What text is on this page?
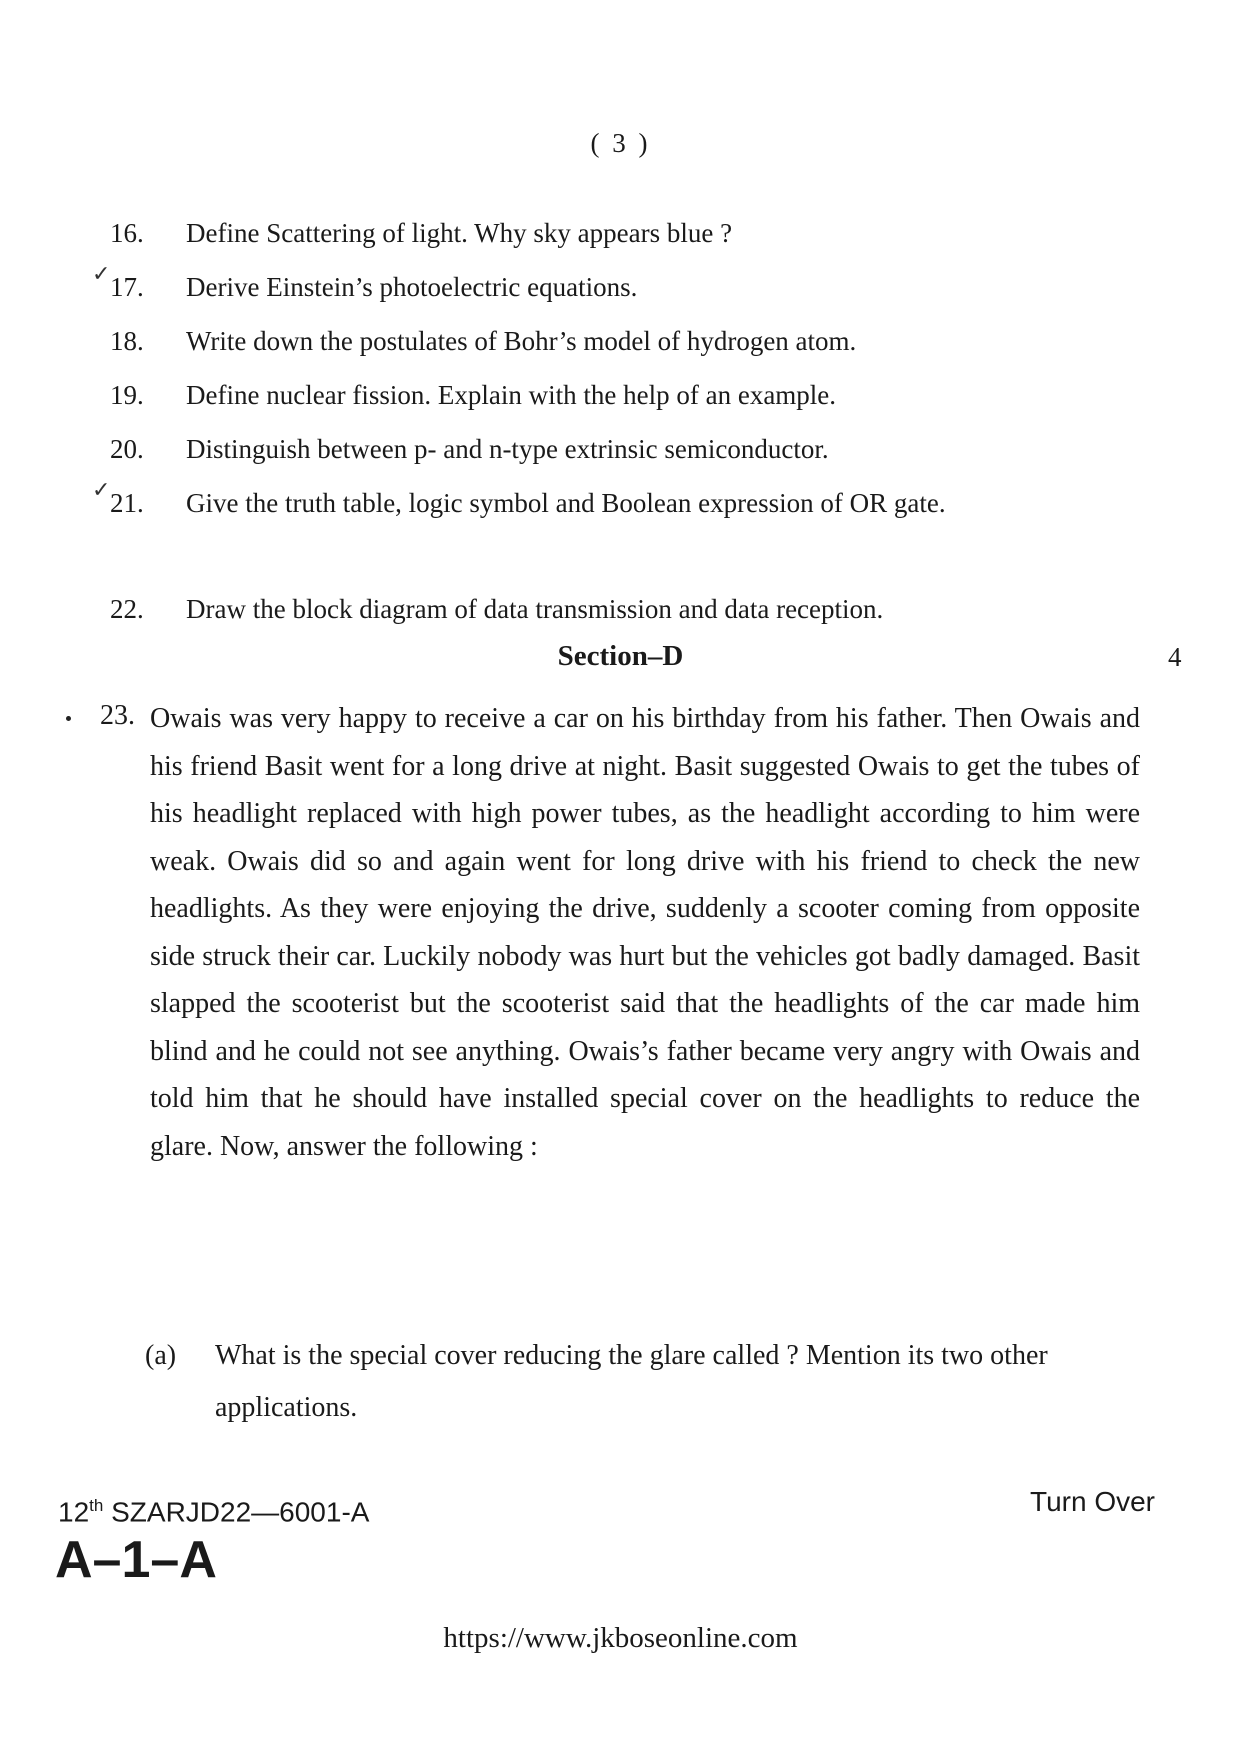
( 3 )
16.	Define Scattering of light. Why sky appears blue ?
17.	Derive Einstein’s photoelectric equations.
18.	Write down the postulates of Bohr’s model of hydrogen atom.
19.	Define nuclear fission. Explain with the help of an example.
20.	Distinguish between p- and n-type extrinsic semiconductor.
21.	Give the truth table, logic symbol and Boolean expression of OR gate.
22.	Draw the block diagram of data transmission and data reception.
✓
✓
Section–D	4
23. Owais was very happy to receive a car on his birthday from his father. Then Owais and his friend Basit went for a long drive at night. Basit suggested Owais to get the tubes of his headlight replaced with high power tubes, as the headlight according to him were weak. Owais did so and again went for long drive with his friend to check the new headlights. As they were enjoying the drive, suddenly a scooter coming from opposite side struck their car. Luckily nobody was hurt but the vehicles got badly damaged. Basit slapped the scooterist but the scooterist said that the headlights of the car made him blind and he could not see anything. Owais’s father became very angry with Owais and told him that he should have installed special cover on the headlights to reduce the glare. Now, answer the following :
(a) What is the special cover reducing the glare called ? Mention its two other applications.
12th SZARJD22—6001-A	Turn Over
A–1–A
https://www.jkboseonline.com
